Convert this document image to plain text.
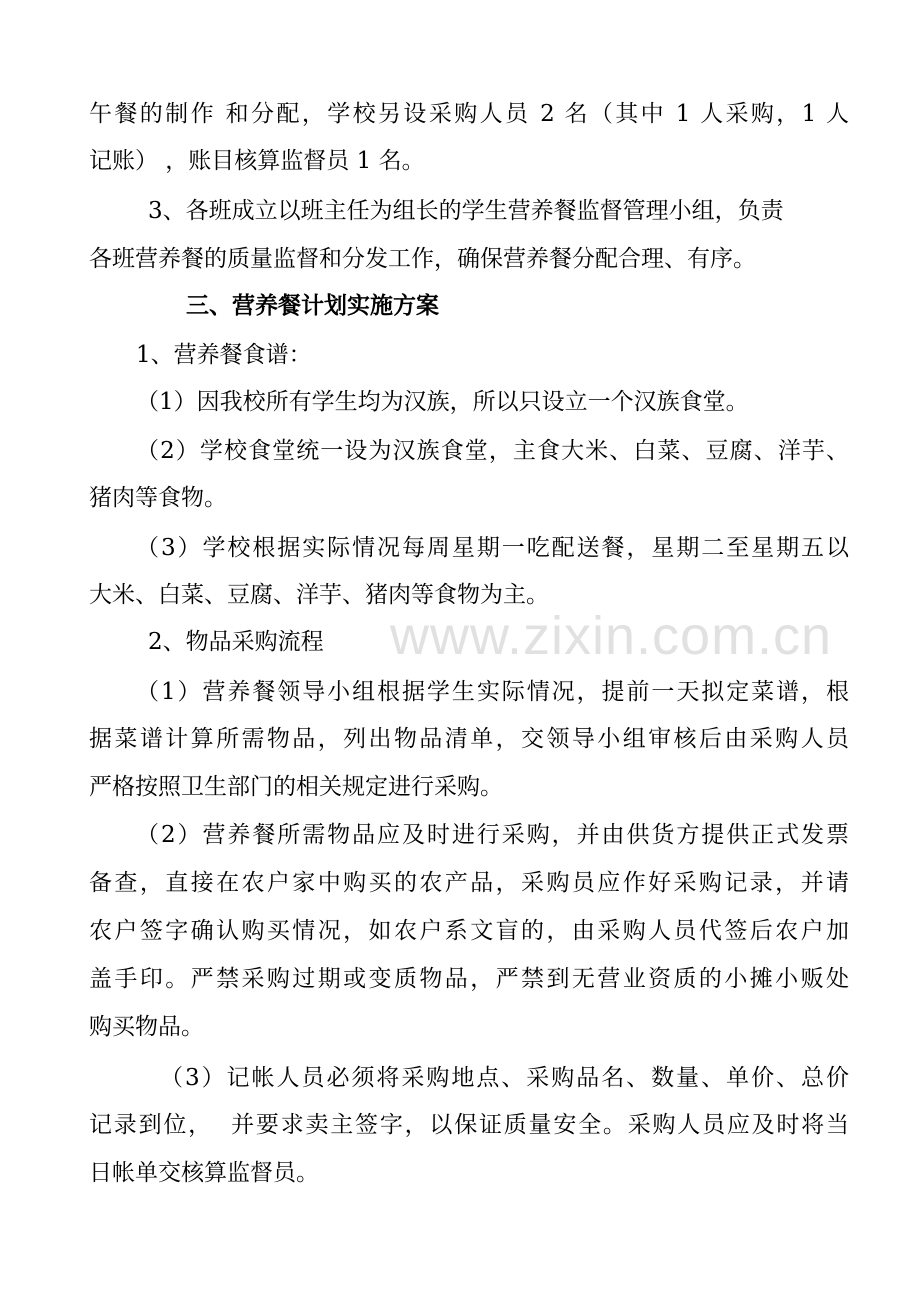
www.zixin.com.cn
午餐的制作 和分配，学校另设采购人员 2 名（其中 1 人采购，1 人
记账） ，账目核算监督员 1 名。
3、各班成立以班主任为组长的学生营养餐监督管理小组，负责
各班营养餐的质量监督和分发工作，确保营养餐分配合理、有序。
三、营养餐计划实施方案
1、营养餐食谱：
（1）因我校所有学生均为汉族，所以只设立一个汉族食堂。
（2）学校食堂统一设为汉族食堂，主食大米、白菜、豆腐、洋芋、
猪肉等食物。
（3）学校根据实际情况每周星期一吃配送餐，星期二至星期五以
大米、白菜、豆腐、洋芋、猪肉等食物为主。
2、物品采购流程
（1）营养餐领导小组根据学生实际情况，提前一天拟定菜谱，根
据菜谱计算所需物品，列出物品清单，交领导小组审核后由采购人员
严格按照卫生部门的相关规定进行采购。
（2）营养餐所需物品应及时进行采购，并由供货方提供正式发票
备查，直接在农户家中购买的农产品，采购员应作好采购记录，并请
农户签字确认购买情况，如农户系文盲的，由采购人员代签后农户加
盖手印。严禁采购过期或变质物品，严禁到无营业资质的小摊小贩处
购买物品。
（3）记帐人员必须将采购地点、采购品名、数量、单价、总价
记录到位，  并要求卖主签字，以保证质量安全。采购人员应及时将当
日帐单交核算监督员。
